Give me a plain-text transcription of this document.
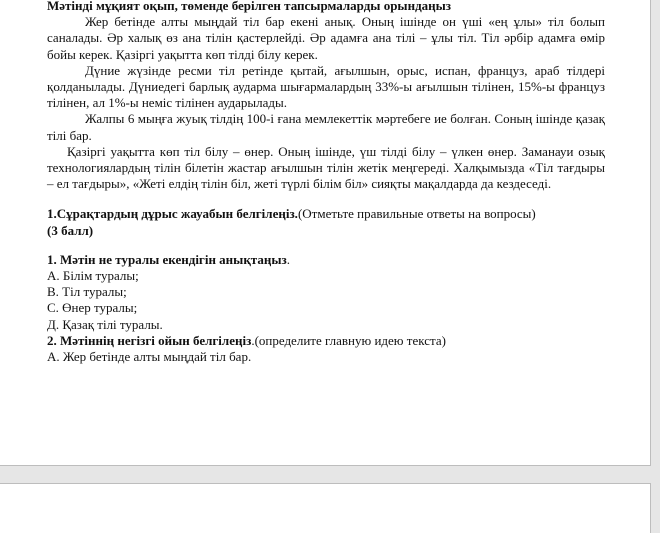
Мәтінді мұқият оқып, төменде берілген тапсырмаларды орындаңыз

Жер бетінде алты мыңдай тіл бар екені анық. Оның ішінде он үші «ең ұлы» тіл болып саналады. Әр халық өз ана тілін қастерлейді. Әр адамға ана тілі – ұлы тіл. Тіл әрбір адамға өмір бойы керек. Қазіргі уақытта көп тілді білу керек.

Дүние жүзінде ресми тіл ретінде қытай, ағылшын, орыс, испан, француз, араб тілдері қолданылады. Дүниедегі барлық аударма шығармалардың 33%-ы ағылшын тілінен, 15%-ы француз тілінен, ал 1%-ы неміс тілінен аударылады.

Жалпы 6 мыңға жуық тілдің 100-і ғана мемлекеттік мәртебеге ие болған. Соның ішінде қазақ тілі бар.

Қазіргі уақытта көп тіл білу – өнер. Оның ішінде, үш тілді білу – үлкен өнер. Заманауи озық технологиялардың тілін білетін жастар ағылшын тілін жетік меңгереді. Халқымызда «Тіл тағдыры – ел тағдыры», «Жеті елдің тілін біл, жеті түрлі білім біл» сияқты мақалдарда да кездеседі.

1.Сұрақтардың дұрыс жауабын белгілеңіз.(Отметьте правильные ответы на вопросы)

(3 балл)

1. Мәтін не туралы екендігін анықтаңыз.

А. Білім туралы;

В. Тіл туралы;

С. Өнер туралы;

Д. Қазақ тілі туралы.

2. Мәтіннің негізгі ойын белгілеңіз.(определите главную идею текста)

А. Жер бетінде алты мыңдай тіл бар.
